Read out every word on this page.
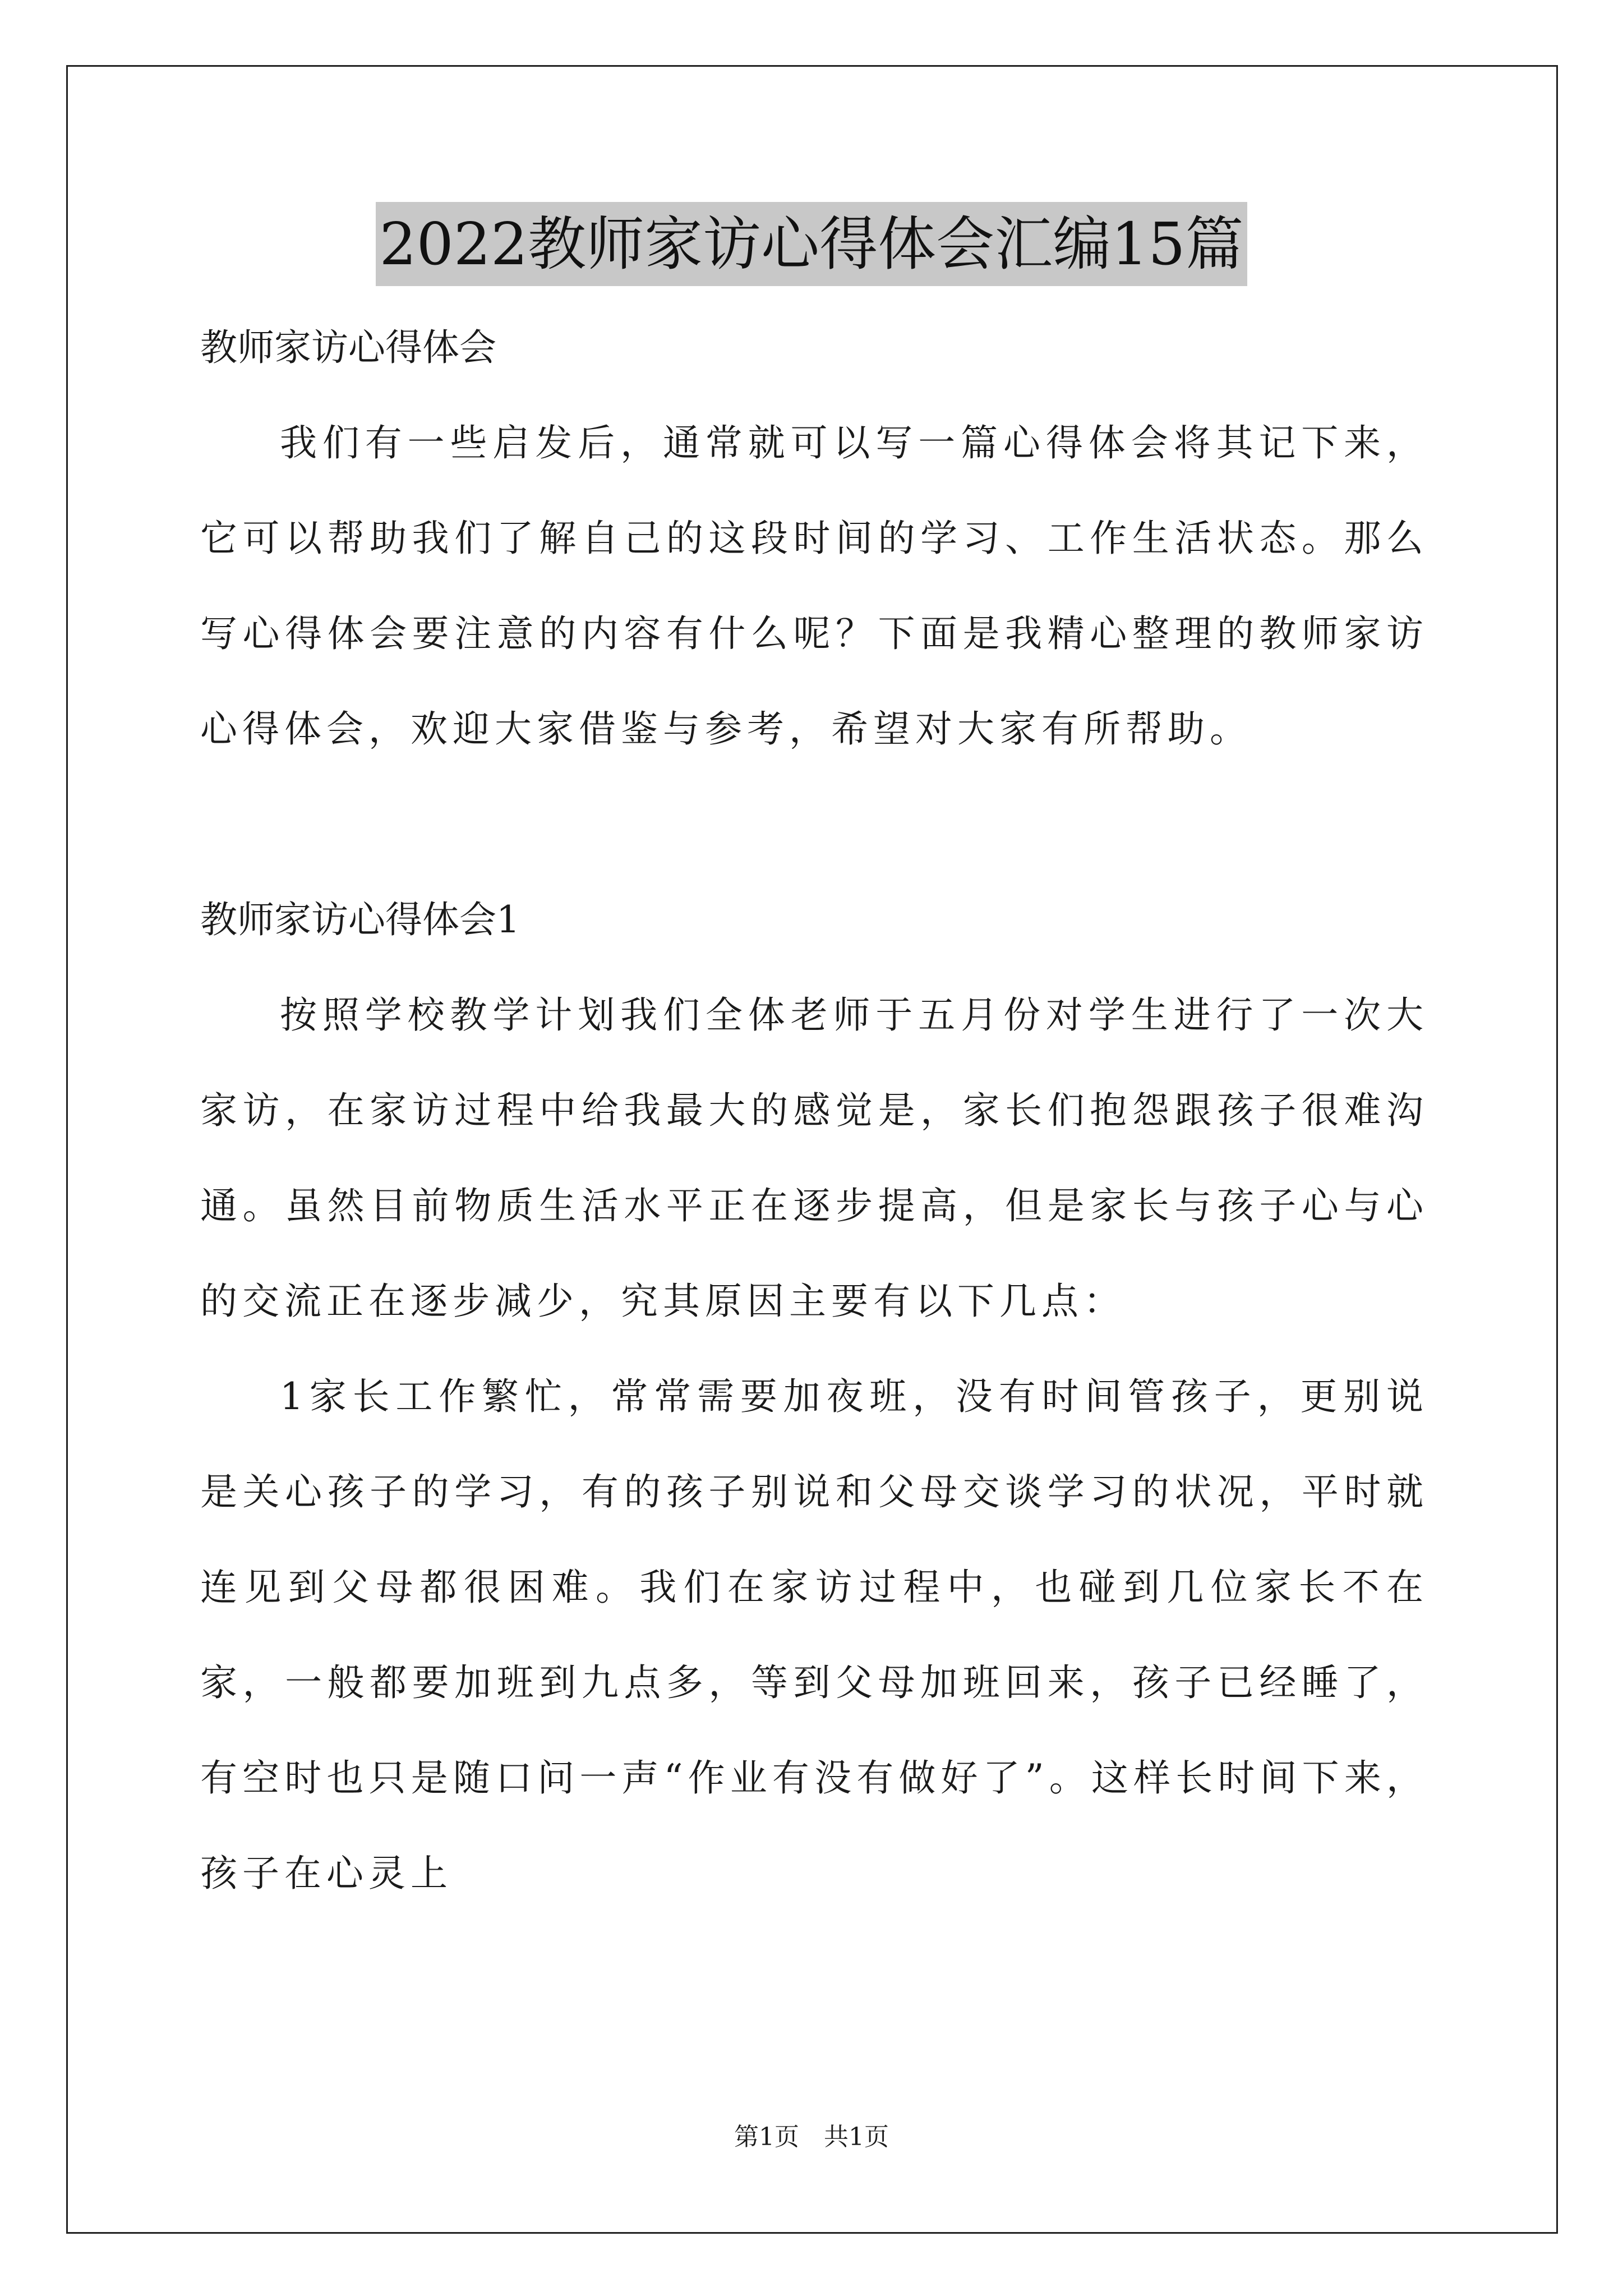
2022教师家访心得体会汇编15篇

教师家访心得体会

我们有一些启发后，通常就可以写一篇心得体会将其记下来，它可以帮助我们了解自己的这段时间的学习、工作生活状态。那么写心得体会要注意的内容有什么呢？下面是我精心整理的教师家访心得体会，欢迎大家借鉴与参考，希望对大家有所帮助。

教师家访心得体会1

按照学校教学计划我们全体老师于五月份对学生进行了一次大家访，在家访过程中给我最大的感觉是，家长们抱怨跟孩子很难沟通。虽然目前物质生活水平正在逐步提高，但是家长与孩子心与心的交流正在逐步减少，究其原因主要有以下几点：

1家长工作繁忙，常常需要加夜班，没有时间管孩子，更别说是关心孩子的学习，有的孩子别说和父母交谈学习的状况，平时就连见到父母都很困难。我们在家访过程中，也碰到几位家长不在家，一般都要加班到九点多，等到父母加班回来，孩子已经睡了，有空时也只是随口问一声“作业有没有做好了”。这样长时间下来，孩子在心灵上

第1页 共1页
